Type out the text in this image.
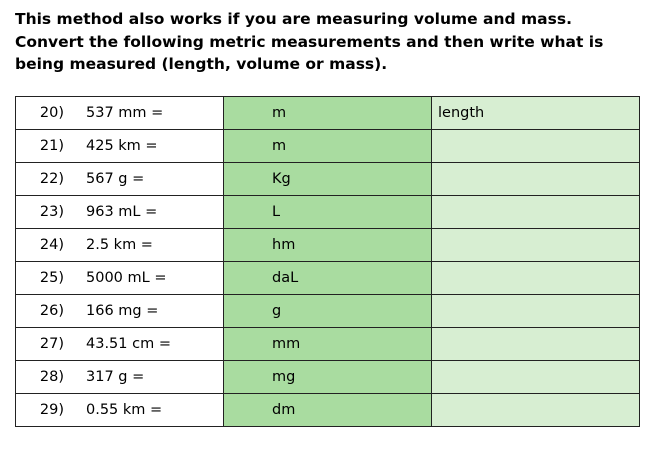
This method also works if you are measuring volume and mass.

Convert the following metric measurements and then write what is

being measured (length, volume or mass).

20) 537 mm =	m	length
21) 425 km =	m	
22) 567 g =	Kg	
23) 963 mL =	L	
24) 2.5 km =	hm	
25) 5000 mL =	daL	
26) 166 mg =	g	
27) 43.51 cm =	mm	
28) 317 g =	mg	
29) 0.55 km =	dm	
